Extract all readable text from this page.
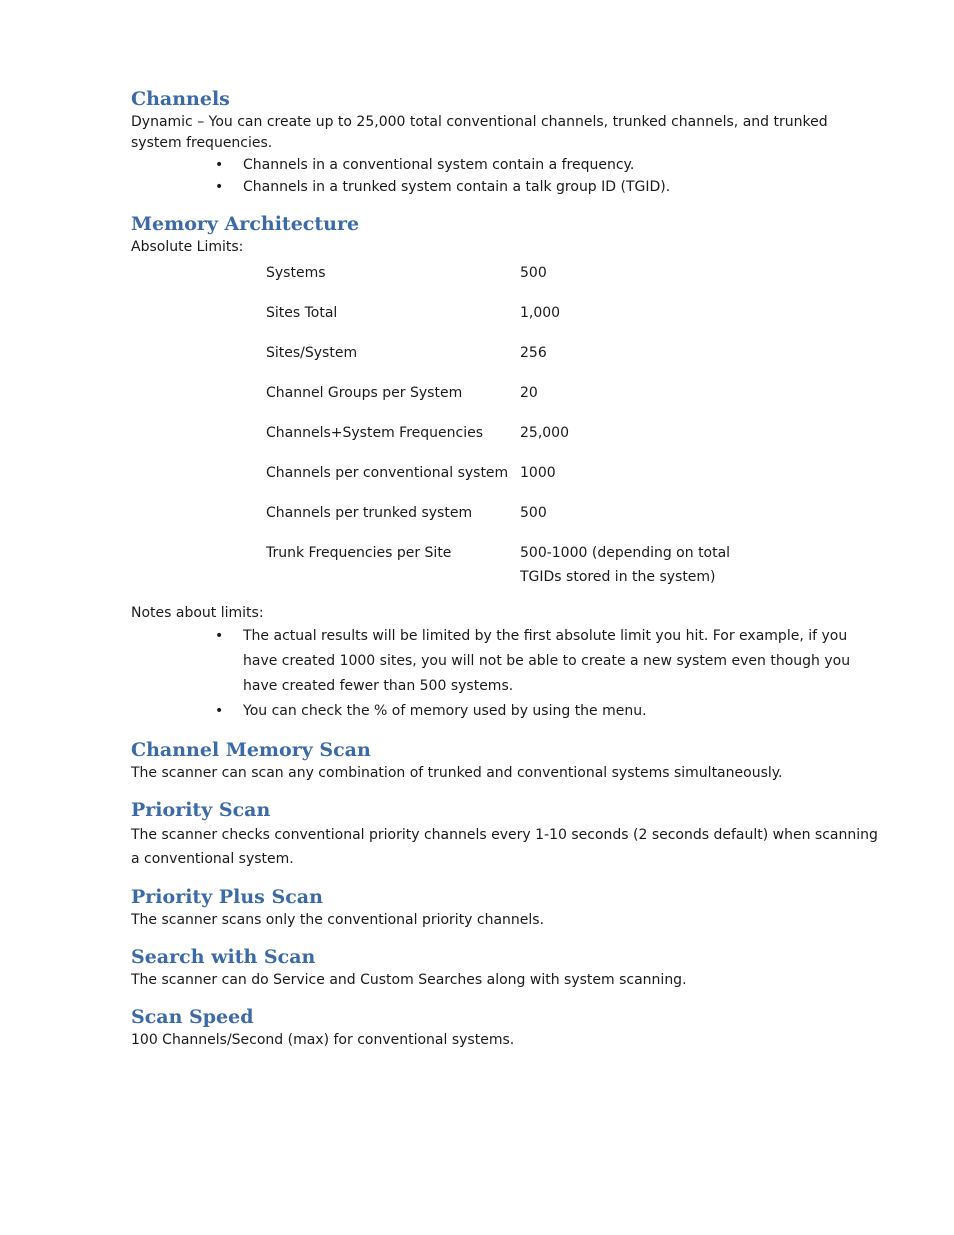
Channels

Dynamic – You can create up to 25,000 total conventional channels, trunked channels, and trunked system frequencies.

• Channels in a conventional system contain a frequency.
• Channels in a trunked system contain a talk group ID (TGID).
Memory Architecture

Absolute Limits:

Systems	500
Sites Total	1,000
Sites/System	256
Channel Groups per System	20
Channels+System Frequencies	25,000
Channels per conventional system	1000
Channels per trunked system	500
Trunk Frequencies per Site	500-1000 (depending on total TGIDs stored in the system)

Notes about limits:

• The actual results will be limited by the first absolute limit you hit. For example, if you have created 1000 sites, you will not be able to create a new system even though you have created fewer than 500 systems.
• You can check the % of memory used by using the menu.
Channel Memory Scan

The scanner can scan any combination of trunked and conventional systems simultaneously.

Priority Scan

The scanner checks conventional priority channels every 1-10 seconds (2 seconds default) when scanning a conventional system.

Priority Plus Scan

The scanner scans only the conventional priority channels.

Search with Scan

The scanner can do Service and Custom Searches along with system scanning.

Scan Speed

100 Channels/Second (max) for conventional systems.
